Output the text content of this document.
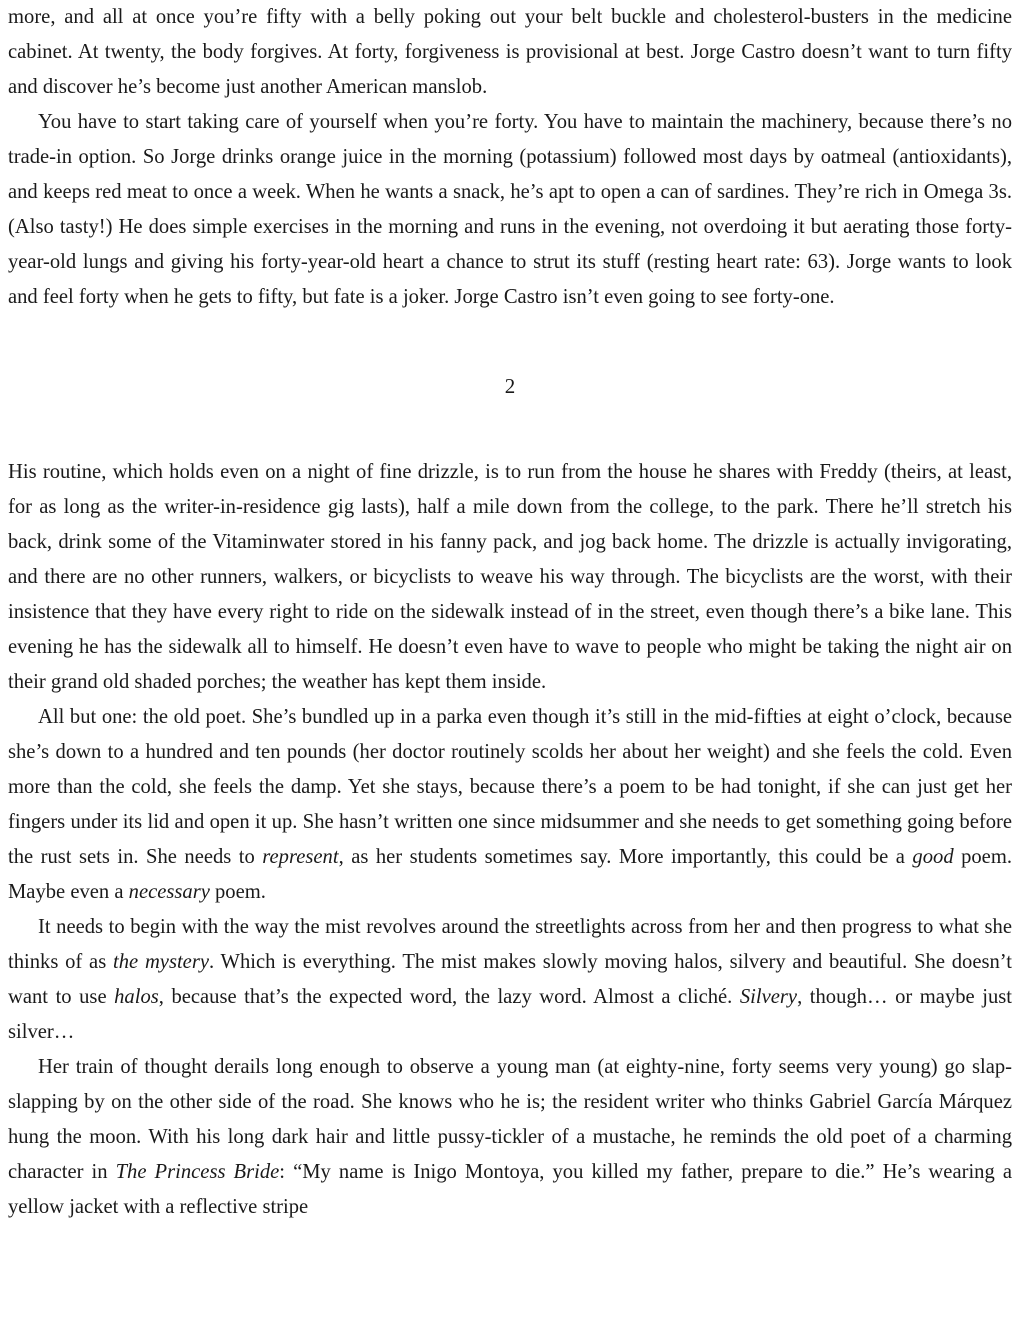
more, and all at once you’re fifty with a belly poking out your belt buckle and cholesterol-busters in the medicine cabinet. At twenty, the body forgives. At forty, forgiveness is provisional at best. Jorge Castro doesn’t want to turn fifty and discover he’s become just another American manslob.

You have to start taking care of yourself when you’re forty. You have to maintain the machinery, because there’s no trade-in option. So Jorge drinks orange juice in the morning (potassium) followed most days by oatmeal (antioxidants), and keeps red meat to once a week. When he wants a snack, he’s apt to open a can of sardines. They’re rich in Omega 3s. (Also tasty!) He does simple exercises in the morning and runs in the evening, not overdoing it but aerating those forty-year-old lungs and giving his forty-year-old heart a chance to strut its stuff (resting heart rate: 63). Jorge wants to look and feel forty when he gets to fifty, but fate is a joker. Jorge Castro isn’t even going to see forty-one.

2

His routine, which holds even on a night of fine drizzle, is to run from the house he shares with Freddy (theirs, at least, for as long as the writer-in-residence gig lasts), half a mile down from the college, to the park. There he’ll stretch his back, drink some of the Vitaminwater stored in his fanny pack, and jog back home. The drizzle is actually invigorating, and there are no other runners, walkers, or bicyclists to weave his way through. The bicyclists are the worst, with their insistence that they have every right to ride on the sidewalk instead of in the street, even though there’s a bike lane. This evening he has the sidewalk all to himself. He doesn’t even have to wave to people who might be taking the night air on their grand old shaded porches; the weather has kept them inside.

All but one: the old poet. She’s bundled up in a parka even though it’s still in the mid-fifties at eight o’clock, because she’s down to a hundred and ten pounds (her doctor routinely scolds her about her weight) and she feels the cold. Even more than the cold, she feels the damp. Yet she stays, because there’s a poem to be had tonight, if she can just get her fingers under its lid and open it up. She hasn’t written one since midsummer and she needs to get something going before the rust sets in. She needs to represent, as her students sometimes say. More importantly, this could be a good poem. Maybe even a necessary poem.

It needs to begin with the way the mist revolves around the streetlights across from her and then progress to what she thinks of as the mystery. Which is everything. The mist makes slowly moving halos, silvery and beautiful. She doesn’t want to use halos, because that’s the expected word, the lazy word. Almost a cliché. Silvery, though… or maybe just silver…

Her train of thought derails long enough to observe a young man (at eighty-nine, forty seems very young) go slap-slapping by on the other side of the road. She knows who he is; the resident writer who thinks Gabriel García Márquez hung the moon. With his long dark hair and little pussy-tickler of a mustache, he reminds the old poet of a charming character in The Princess Bride: “My name is Inigo Montoya, you killed my father, prepare to die.” He’s wearing a yellow jacket with a reflective stripe
